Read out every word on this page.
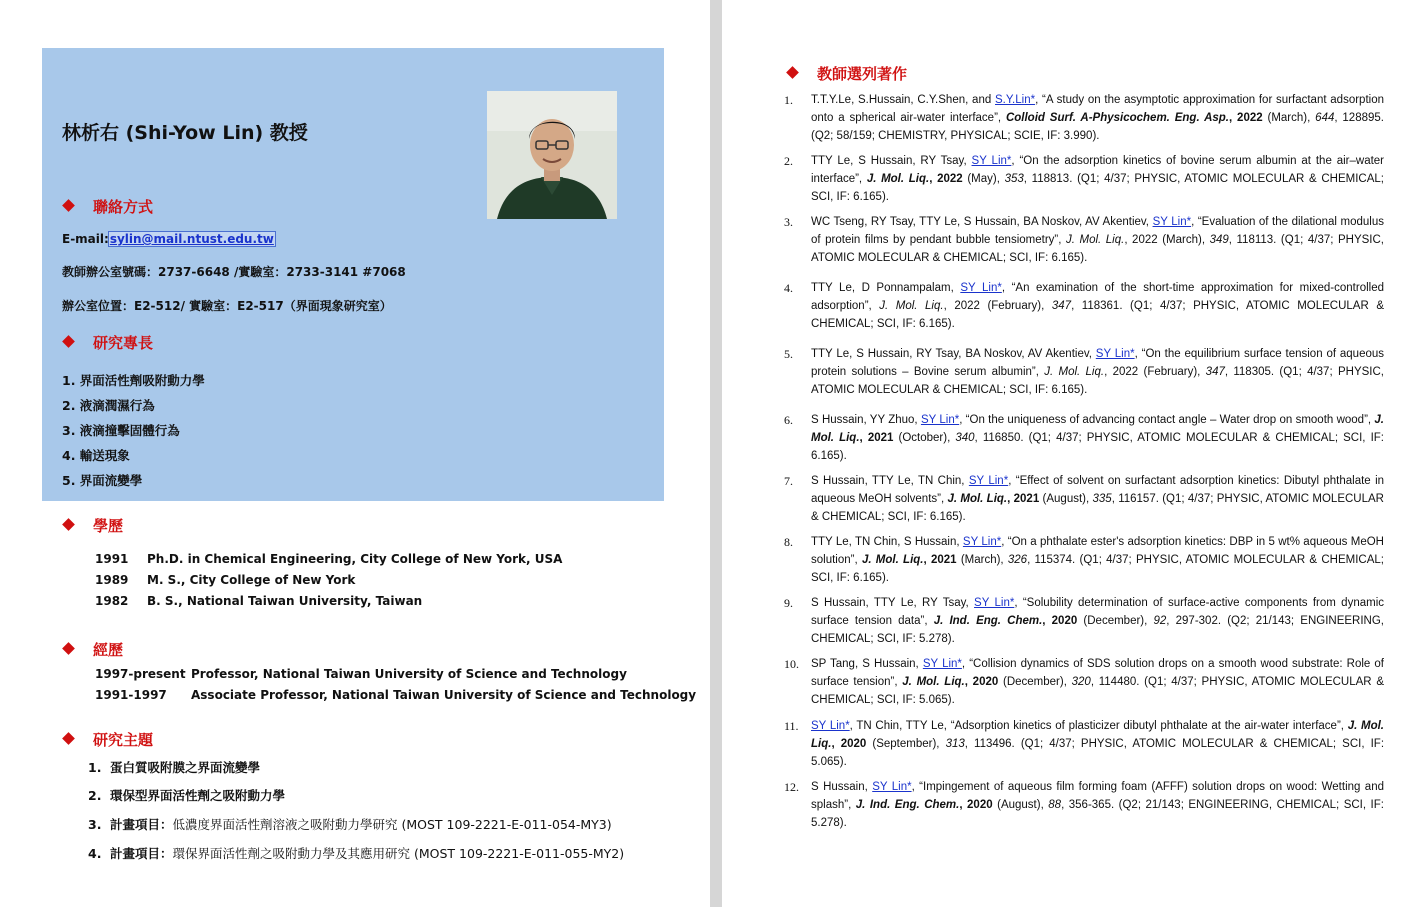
林析右 (Shi-Yow Lin) 教授
聯絡方式
E-mail:sylin@mail.ntust.edu.tw
教師辦公室號碼：2737-6648 /實驗室：2733-3141 #7068
辦公室位置：E2-512/ 實驗室：E2-517（界面現象研究室）
研究專長
1. 界面活性劑吸附動力學
2. 液滴潤濕行為
3. 液滴撞擊固體行為
4. 輸送現象
5. 界面流變學
學歷
1991 Ph.D. in Chemical Engineering, City College of New York, USA
1989 M. S., City College of New York
1982 B. S., National Taiwan University, Taiwan
經歷
1997-present Professor, National Taiwan University of Science and Technology
1991-1997 Associate Professor, National Taiwan University of Science and Technology
研究主題
1. 蛋白質吸附膜之界面流變學
2. 環保型界面活性劑之吸附動力學
3. 計畫項目：低濃度界面活性劑溶液之吸附動力學研究 (MOST 109-2221-E-011-054-MY3)
4. 計畫項目：環保界面活性劑之吸附動力學及其應用研究 (MOST 109-2221-E-011-055-MY2)
教師選列著作
1.	T.T.Y.Le, S.Hussain, C.Y.Shen, and S.Y.Lin*, “A study on the asymptotic approximation for surfactant adsorption onto a spherical air-water interface”, Colloid Surf. A-Physicochem. Eng. Asp., 2022 (March), 644, 128895. (Q2; 58/159; CHEMISTRY, PHYSICAL; SCIE, IF: 3.990).
2.	TTY Le, S Hussain, RY Tsay, SY Lin*, “On the adsorption kinetics of bovine serum albumin at the air–water interface”, J. Mol. Liq., 2022 (May), 353, 118813. (Q1; 4/37; PHYSIC, ATOMIC MOLECULAR & CHEMICAL; SCI, IF: 6.165).
3.	WC Tseng, RY Tsay, TTY Le, S Hussain, BA Noskov, AV Akentiev, SY Lin*, “Evaluation of the dilational modulus of protein films by pendant bubble tensiometry”, J. Mol. Liq., 2022 (March), 349, 118113. (Q1; 4/37; PHYSIC, ATOMIC MOLECULAR & CHEMICAL; SCI, IF: 6.165).
4.	TTY Le, D Ponnampalam, SY Lin*, “An examination of the short-time approximation for mixed-controlled adsorption”, J. Mol. Liq., 2022 (February), 347, 118361. (Q1; 4/37; PHYSIC, ATOMIC MOLECULAR & CHEMICAL; SCI, IF: 6.165).
5.	TTY Le, S Hussain, RY Tsay, BA Noskov, AV Akentiev, SY Lin*, “On the equilibrium surface tension of aqueous protein solutions – Bovine serum albumin”, J. Mol. Liq., 2022 (February), 347, 118305. (Q1; 4/37; PHYSIC, ATOMIC MOLECULAR & CHEMICAL; SCI, IF: 6.165).
6.	S Hussain, YY Zhuo, SY Lin*, “On the uniqueness of advancing contact angle – Water drop on smooth wood”, J. Mol. Liq., 2021 (October), 340, 116850. (Q1; 4/37; PHYSIC, ATOMIC MOLECULAR & CHEMICAL; SCI, IF: 6.165).
7.	S Hussain, TTY Le, TN Chin, SY Lin*, “Effect of solvent on surfactant adsorption kinetics: Dibutyl phthalate in aqueous MeOH solvents”, J. Mol. Liq., 2021 (August), 335, 116157. (Q1; 4/37; PHYSIC, ATOMIC MOLECULAR & CHEMICAL; SCI, IF: 6.165).
8.	TTY Le, TN Chin, S Hussain, SY Lin*, “On a phthalate ester's adsorption kinetics: DBP in 5 wt% aqueous MeOH solution”, J. Mol. Liq., 2021 (March), 326, 115374. (Q1; 4/37; PHYSIC, ATOMIC MOLECULAR & CHEMICAL; SCI, IF: 6.165).
9.	S Hussain, TTY Le, RY Tsay, SY Lin*, “Solubility determination of surface-active components from dynamic surface tension data”, J. Ind. Eng. Chem., 2020 (December), 92, 297-302. (Q2; 21/143; ENGINEERING, CHEMICAL; SCI, IF: 5.278).
10.	SP Tang, S Hussain, SY Lin*, “Collision dynamics of SDS solution drops on a smooth wood substrate: Role of surface tension”, J. Mol. Liq., 2020 (December), 320, 114480. (Q1; 4/37; PHYSIC, ATOMIC MOLECULAR & CHEMICAL; SCI, IF: 5.065).
11.	SY Lin*, TN Chin, TTY Le, “Adsorption kinetics of plasticizer dibutyl phthalate at the air-water interface”, J. Mol. Liq., 2020 (September), 313, 113496. (Q1; 4/37; PHYSIC, ATOMIC MOLECULAR & CHEMICAL; SCI, IF: 5.065).
12.	S Hussain, SY Lin*, “Impingement of aqueous film forming foam (AFFF) solution drops on wood: Wetting and splash”, J. Ind. Eng. Chem., 2020 (August), 88, 356-365. (Q2; 21/143; ENGINEERING, CHEMICAL; SCI, IF: 5.278).
